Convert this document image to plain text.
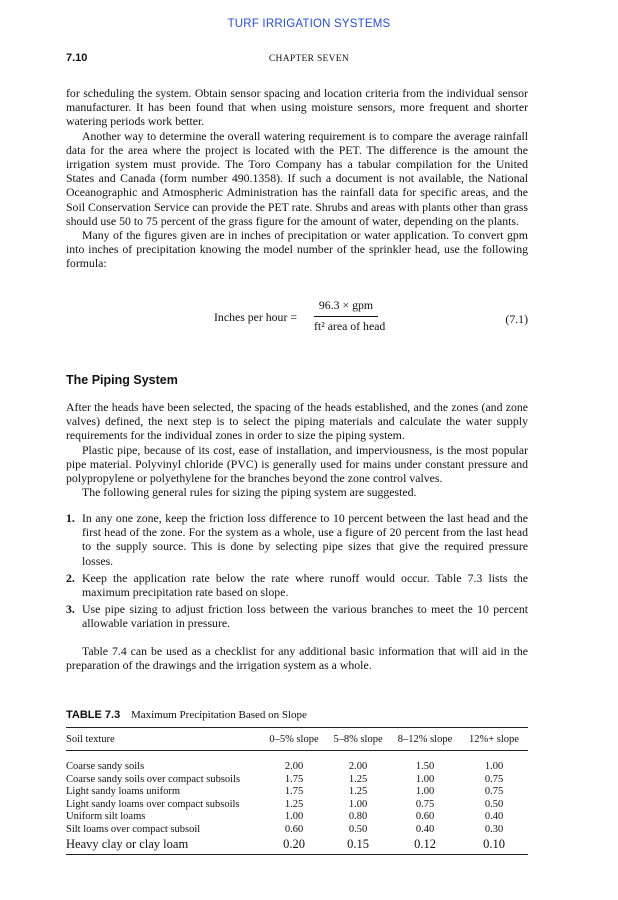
TURF IRRIGATION SYSTEMS
7.10	CHAPTER SEVEN

for scheduling the system. Obtain sensor spacing and location criteria from the individual sensor manufacturer. It has been found that when using moisture sensors, more frequent and shorter watering periods work better.

Another way to determine the overall watering requirement is to compare the average rainfall data for the area where the project is located with the PET. The difference is the amount the irrigation system must provide. The Toro Company has a tabular compilation for the United States and Canada (form number 490.1358). If such a document is not available, the National Oceanographic and Atmospheric Administration has the rainfall data for specific areas, and the Soil Conservation Service can provide the PET rate. Shrubs and areas with plants other than grass should use 50 to 75 percent of the grass figure for the amount of water, depending on the plants.

Many of the figures given are in inches of precipitation or water application. To convert gpm into inches of precipitation knowing the model number of the sprinkler head, use the following formula:

Inches per hour =
96.3 × gpm
ft² area of head	(7.1)
The Piping System

After the heads have been selected, the spacing of the heads established, and the zones (and zone valves) defined, the next step is to select the piping materials and calculate the water supply requirements for the individual zones in order to size the piping system.

Plastic pipe, because of its cost, ease of installation, and imperviousness, is the most popular pipe material. Polyvinyl chloride (PVC) is generally used for mains under constant pressure and polypropylene or polyethylene for the branches beyond the zone control valves.

The following general rules for sizing the piping system are suggested.

1. In any one zone, keep the friction loss difference to 10 percent between the last head and the first head of the zone. For the system as a whole, use a figure of 20 percent from the last head to the supply source. This is done by selecting pipe sizes that give the required pressure losses.
2. Keep the application rate below the rate where runoff would occur. Table 7.3 lists the maximum precipitation rate based on slope.
3. Use pipe sizing to adjust friction loss between the various branches to meet the 10 percent allowable variation in pressure.

Table 7.4 can be used as a checklist for any additional basic information that will aid in the preparation of the drawings and the irrigation system as a whole.

TABLE 7.3 Maximum Precipitation Based on Slope
Soil texture	0–5% slope	5–8% slope	8–12% slope	12%+ slope
Coarse sandy soils	2.00	2.00	1.50	1.00
Coarse sandy soils over compact subsoils	1.75	1.25	1.00	0.75
Light sandy loams uniform	1.75	1.25	1.00	0.75
Light sandy loams over compact subsoils	1.25	1.00	0.75	0.50
Uniform silt loams	1.00	0.80	0.60	0.40
Silt loams over compact subsoil	0.60	0.50	0.40	0.30
Heavy clay or clay loam	0.20	0.15	0.12	0.10
